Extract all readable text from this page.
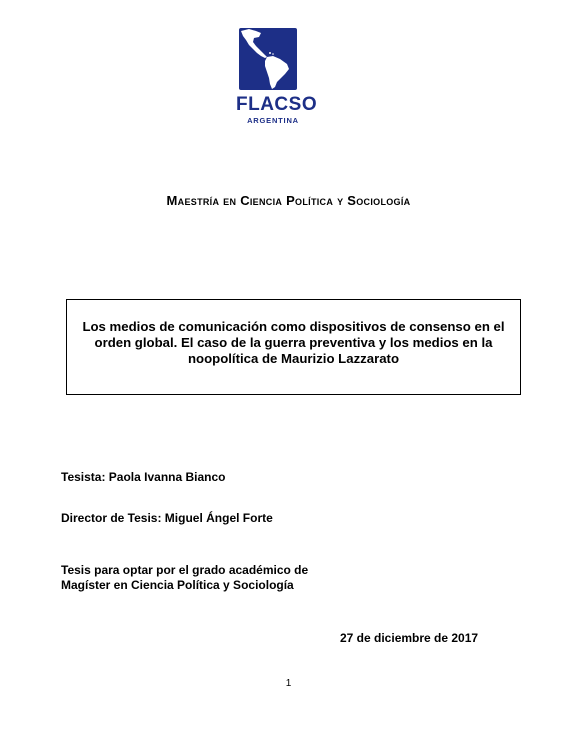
FLACSO
ARGENTINA
Maestría en Ciencia Política y Sociología
Los medios de comunicación como dispositivos de consenso en el
orden global. El caso de la guerra preventiva y los medios en la
noopolítica de Maurizio Lazzarato
Tesista: Paola Ivanna Bianco
Director de Tesis: Miguel Ángel Forte
Tesis para optar por el grado académico de
Magíster en Ciencia Política y Sociología
27 de diciembre de 2017
1
